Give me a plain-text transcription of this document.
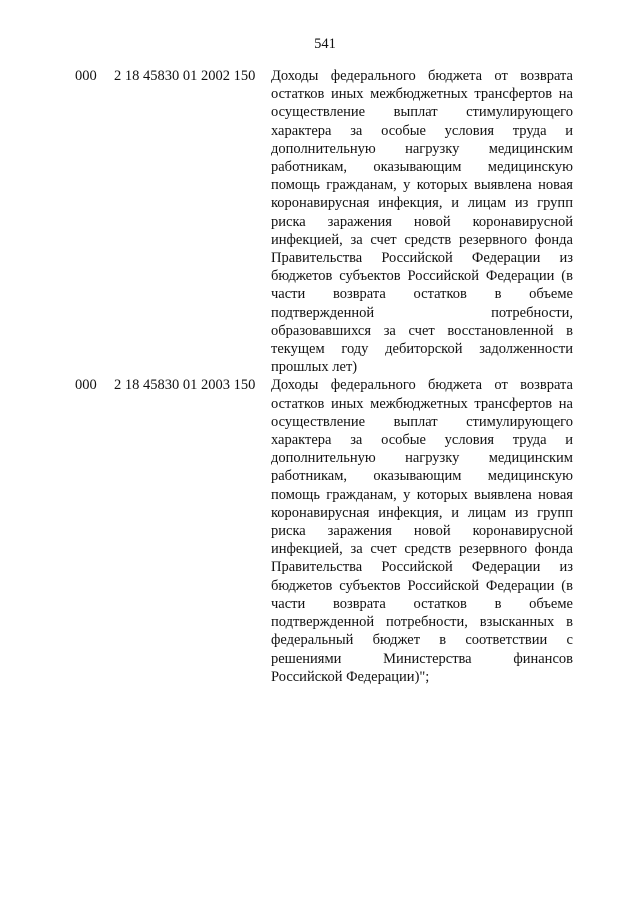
541
000 2 18 45830 01 2002 150 Доходы федерального бюджета от возврата
остатков иных межбюджетных трансфертов на
осуществление выплат стимулирующего
характера за особые условия труда и
дополнительную нагрузку медицинским
работникам, оказывающим медицинскую
помощь гражданам, у которых выявлена новая
коронавирусная инфекция, и лицам из групп
риска заражения новой коронавирусной
инфекцией, за счет средств резервного фонда
Правительства Российской Федерации из
бюджетов субъектов Российской Федерации (в
части возврата остатков в объеме
подтвержденной	потребности,
образовавшихся за счет восстановленной в
текущем году дебиторской задолженности
прошлых лет)
000 2 18 45830 01 2003 150 Доходы федерального бюджета от возврата
остатков иных межбюджетных трансфертов на
осуществление выплат стимулирующего
характера за особые условия труда и
дополнительную нагрузку медицинским
работникам, оказывающим медицинскую
помощь гражданам, у которых выявлена новая
коронавирусная инфекция, и лицам из групп
риска заражения новой коронавирусной
инфекцией, за счет средств резервного фонда
Правительства Российской Федерации из
бюджетов субъектов Российской Федерации (в
части возврата остатков в объеме
подтвержденной потребности, взысканных в
федеральный бюджет в соответствии с
решениями	Министерства	финансов
Российской Федерации)";
